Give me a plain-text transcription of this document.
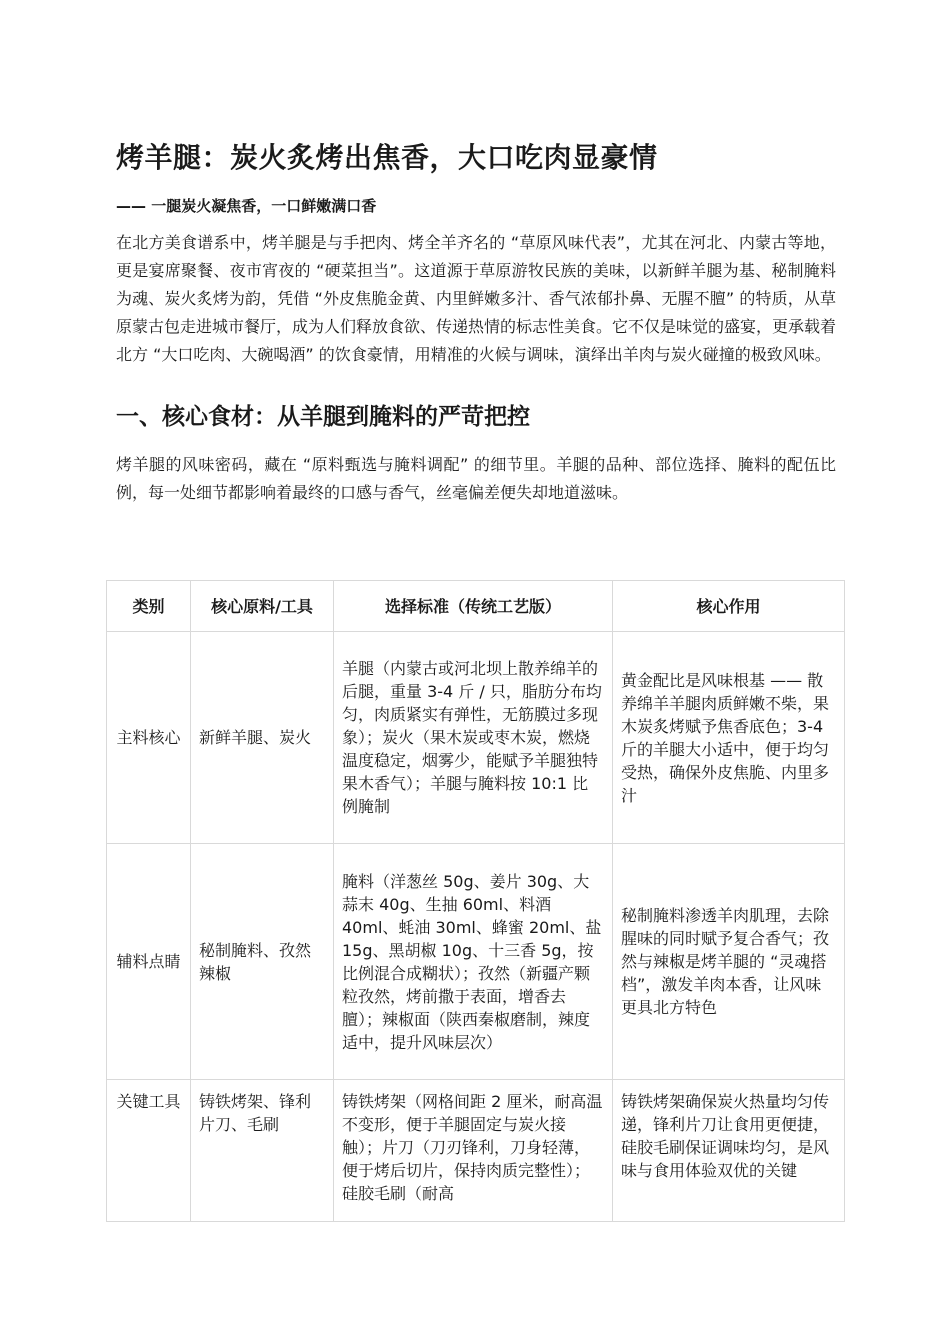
烤羊腿：炭火炙烤出焦香，大口吃肉显豪情
—— 一腿炭火凝焦香，一口鲜嫩满口香

在北方美食谱系中，烤羊腿是与手把肉、烤全羊齐名的 “草原风味代表”，尤其在河北、内蒙古等地，更是宴席聚餐、夜市宵夜的 “硬菜担当”。这道源于草原游牧民族的美味，以新鲜羊腿为基、秘制腌料为魂、炭火炙烤为韵，凭借 “外皮焦脆金黄、内里鲜嫩多汁、香气浓郁扑鼻、无腥不膻” 的特质，从草原蒙古包走进城市餐厅，成为人们释放食欲、传递热情的标志性美食。它不仅是味觉的盛宴，更承载着北方 “大口吃肉、大碗喝酒” 的饮食豪情，用精准的火候与调味，演绎出羊肉与炭火碰撞的极致风味。

一、核心食材：从羊腿到腌料的严苛把控

烤羊腿的风味密码，藏在 “原料甄选与腌料调配” 的细节里。羊腿的品种、部位选择、腌料的配伍比例，每一处细节都影响着最终的口感与香气，丝毫偏差便失却地道滋味。

类别	核心原料/工具	选择标准（传统工艺版）	核心作用
主料核心	新鲜羊腿、炭火	羊腿（内蒙古或河北坝上散养绵羊的后腿，重量 3-4 斤 / 只，脂肪分布均匀，肉质紧实有弹性，无筋膜过多现象）；炭火（果木炭或枣木炭，燃烧温度稳定，烟雾少，能赋予羊腿独特果木香气）；羊腿与腌料按 10:1 比例腌制	黄金配比是风味根基 —— 散养绵羊羊腿肉质鲜嫩不柴，果木炭炙烤赋予焦香底色；3-4 斤的羊腿大小适中，便于均匀受热，确保外皮焦脆、内里多汁
辅料点睛	秘制腌料、孜然辣椒	腌料（洋葱丝 50g、姜片 30g、大蒜末 40g、生抽 60ml、料酒 40ml、蚝油 30ml、蜂蜜 20ml、盐 15g、黑胡椒 10g、十三香 5g，按比例混合成糊状）；孜然（新疆产颗粒孜然，烤前撒于表面，增香去膻）；辣椒面（陕西秦椒磨制，辣度适中，提升风味层次）	秘制腌料渗透羊肉肌理，去除腥味的同时赋予复合香气；孜然与辣椒是烤羊腿的 “灵魂搭档”，激发羊肉本香，让风味更具北方特色
关键工具	铸铁烤架、锋利片刀、毛刷	铸铁烤架（网格间距 2 厘米，耐高温不变形，便于羊腿固定与炭火接触）；片刀（刀刃锋利，刀身轻薄，便于烤后切片，保持肉质完整性）；硅胶毛刷（耐高	铸铁烤架确保炭火热量均匀传递，锋利片刀让食用更便捷，硅胶毛刷保证调味均匀，是风味与食用体验双优的关键
